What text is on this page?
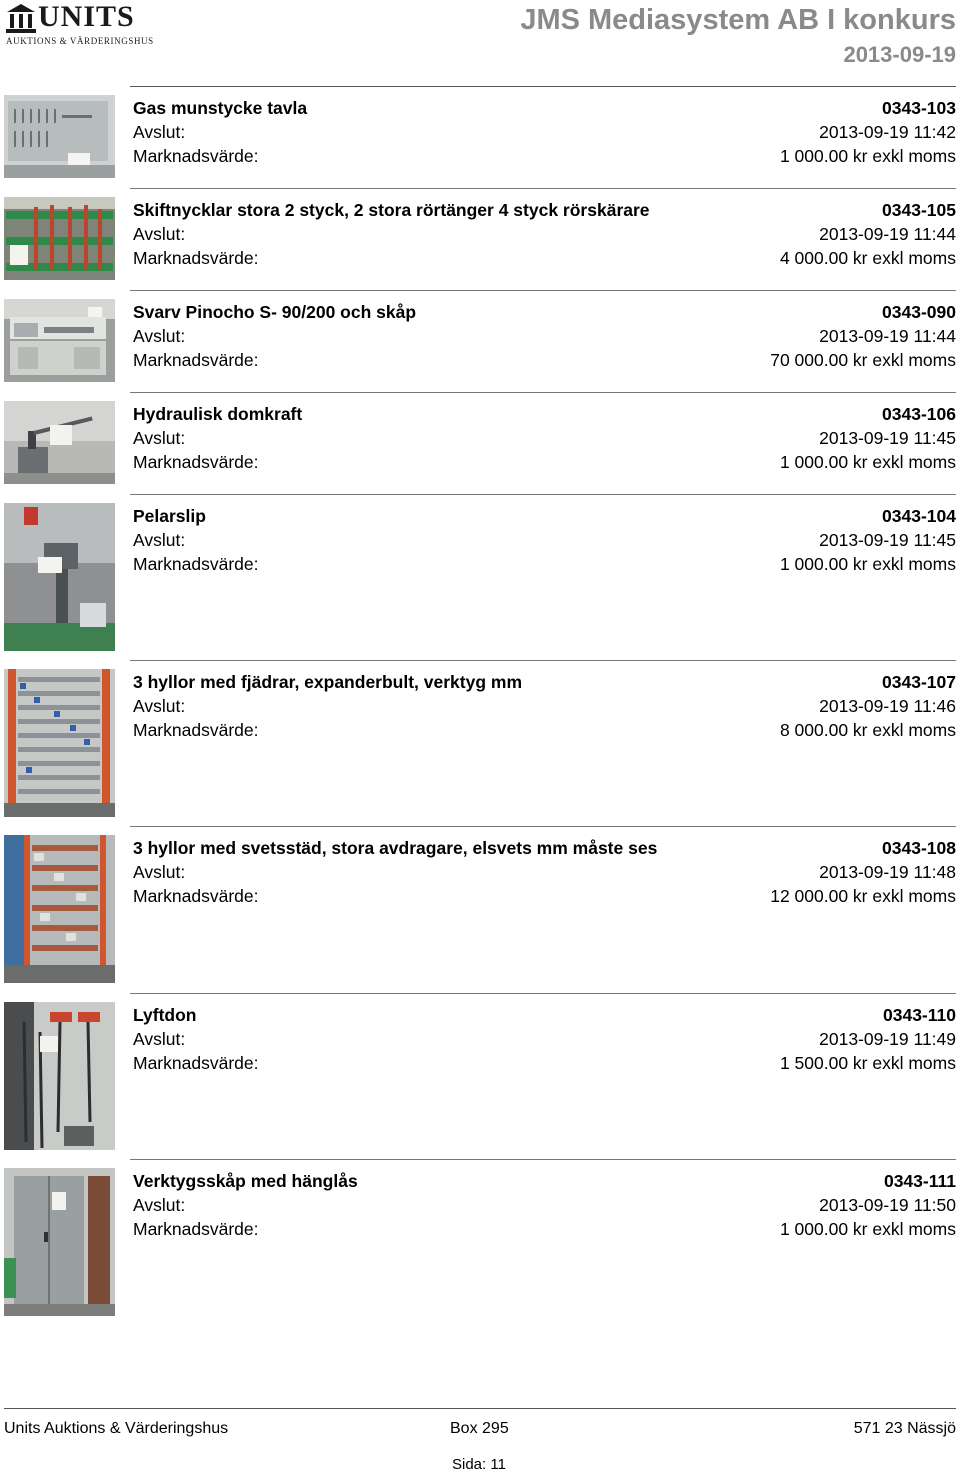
UNITS
AUKTIONS & VÄRDERINGSHUS
JMS Mediasystem AB I konkurs
2013-09-19
Gas munstycke tavla	0343-103
Avslut:	2013-09-19 11:42
Marknadsvärde:	1 000.00 kr exkl moms
Skiftnycklar stora 2 styck, 2 stora rörtänger 4 styck rörskärare	0343-105
Avslut:	2013-09-19 11:44
Marknadsvärde:	4 000.00 kr exkl moms
Svarv Pinocho S- 90/200 och skåp	0343-090
Avslut:	2013-09-19 11:44
Marknadsvärde:	70 000.00 kr exkl moms
Hydraulisk domkraft	0343-106
Avslut:	2013-09-19 11:45
Marknadsvärde:	1 000.00 kr exkl moms
Pelarslip	0343-104
Avslut:	2013-09-19 11:45
Marknadsvärde:	1 000.00 kr exkl moms
3 hyllor med fjädrar, expanderbult, verktyg mm	0343-107
Avslut:	2013-09-19 11:46
Marknadsvärde:	8 000.00 kr exkl moms
3 hyllor med svetsstäd, stora avdragare, elsvets mm måste ses	0343-108
Avslut:	2013-09-19 11:48
Marknadsvärde:	12 000.00 kr exkl moms
Lyftdon	0343-110
Avslut:	2013-09-19 11:49
Marknadsvärde:	1 500.00 kr exkl moms
Verktygsskåp med hänglås	0343-111
Avslut:	2013-09-19 11:50
Marknadsvärde:	1 000.00 kr exkl moms
Units Auktions & Värderingshus	Box 295	571 23 Nässjö
Sida: 11
